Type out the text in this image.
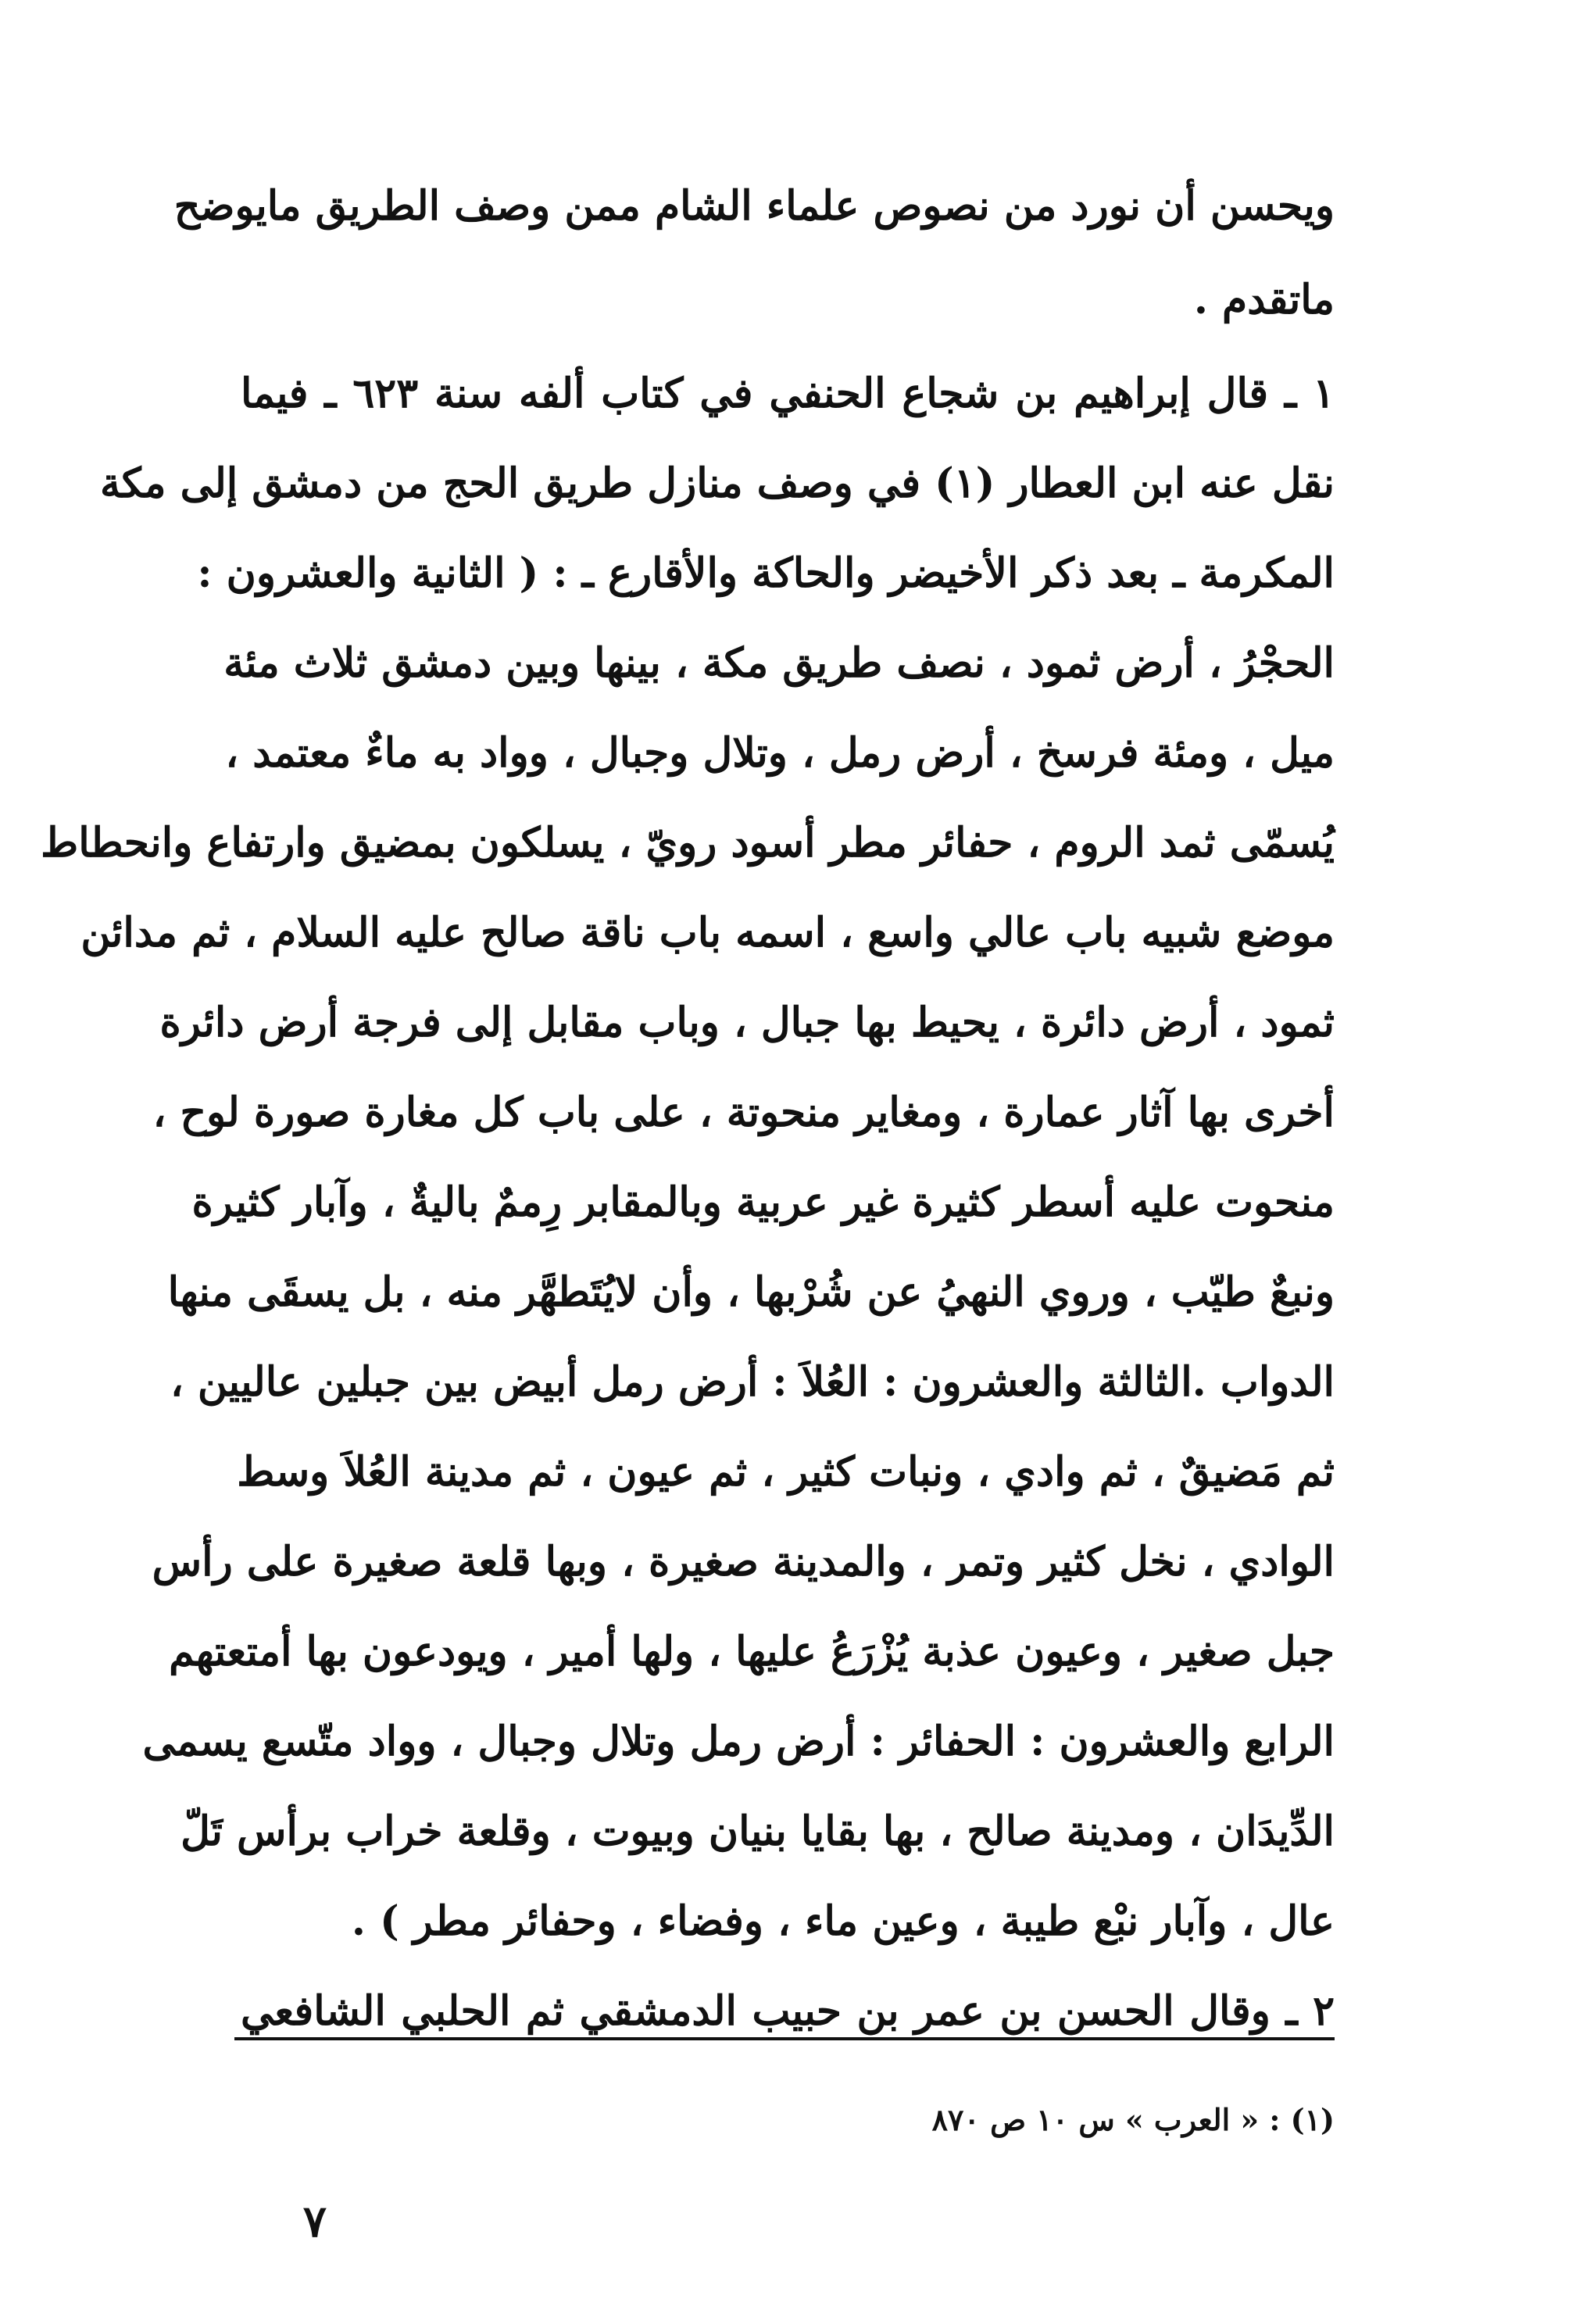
ويحسن أن نورد من نصوص علماء الشام ممن وصف الطريق مايوضح
ماتقدم .
١ ـ قال إبراهيم بن شجاع الحنفي في كتاب ألفه سنة ٦٢٣ ـ فيما
نقل عنه ابن العطار (١) في وصف منازل طريق الحج من دمشق إلى مكة
المكرمة ـ بعد ذكر الأخيضر والحاكة والأقارع ـ : ( الثانية والعشرون :
الحجْرُ ، أرض ثمود ، نصف طريق مكة ، بينها وبين دمشق ثلاث مئة
ميل ، ومئة فرسخ ، أرض رمل ، وتلال وجبال ، وواد به ماءٌ معتمد ،
يُسمّى ثمد الروم ، حفائر مطر أسود رويّ ، يسلكون بمضيق وارتفاع وانحطاط
موضع شبيه باب عالي واسع ، اسمه باب ناقة صالح عليه السلام ، ثم مدائن
ثمود ، أرض دائرة ، يحيط بها جبال ، وباب مقابل إلى فرجة أرض دائرة
أخرى بها آثار عمارة ، ومغاير منحوتة ، على باب كل مغارة صورة لوح ،
منحوت عليه أسطر كثيرة غير عربية وبالمقابر رِممٌ باليةٌ ، وآبار كثيرة
ونبعٌ طيّب ، وروي النهيُ عن شُرْبها ، وأن لايُتَطهَّر منه ، بل يسقَى منها
الدواب .الثالثة والعشرون : العُلاَ : أرض رمل أبيض بين جبلين عاليين ،
ثم مَضيقٌ ، ثم وادي ، ونبات كثير ، ثم عيون ، ثم مدينة العُلاَ وسط
الوادي ، نخل كثير وتمر ، والمدينة صغيرة ، وبها قلعة صغيرة على رأس
جبل صغير ، وعيون عذبة يُزْرَعُ عليها ، ولها أمير ، ويودعون بها أمتعتهم
الرابع والعشرون : الحفائر : أرض رمل وتلال وجبال ، وواد متّسع يسمى
الدِّيدَان ، ومدينة صالح ، بها بقايا بنيان وبيوت ، وقلعة خراب برأس تَلّ
عال ، وآبار نبْع طيبة ، وعين ماء ، وفضاء ، وحفائر مطر ) .
٢ ـ وقال الحسن بن عمر بن حبيب الدمشقي ثم الحلبي الشافعي
(١) : « العرب » س ١٠ ص ٨٧٠
٧
